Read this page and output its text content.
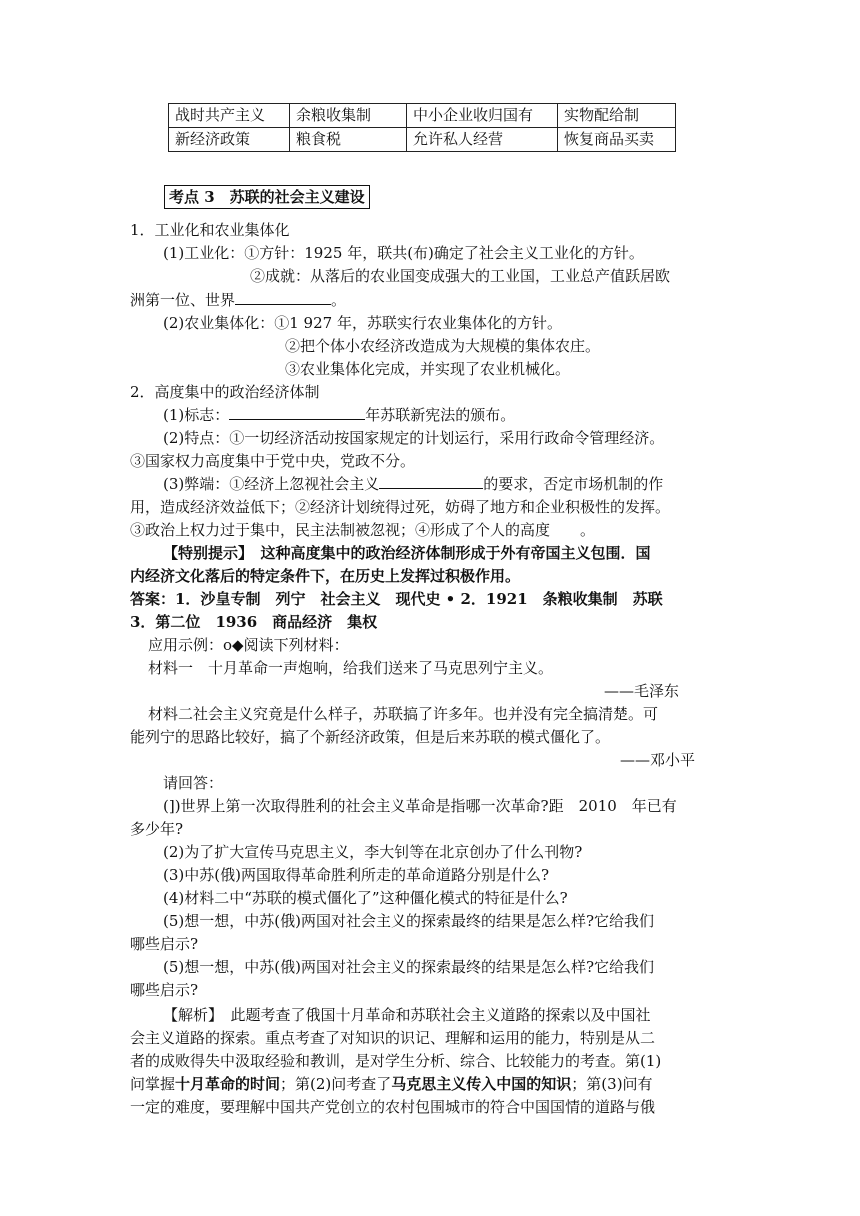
战时共产主义	余粮收集制	中小企业收归国有	实物配给制
新经济政策	粮食税	允许私人经营	恢复商品买卖
考点 3　苏联的社会主义建设
1．工业化和农业集体化
(1)工业化：①方针：1925 年，联共(布)确定了社会主义工业化的方针。
②成就：从落后的农业国变成强大的工业国，工业总产值跃居欧
洲第一位、世界	。
(2)农业集体化：①1 927 年，苏联实行农业集体化的方针。
②把个体小农经济改造成为大规模的集体农庄。
③农业集体化完成，并实现了农业机械化。
2．高度集中的政治经济体制
(1)标志：	年苏联新宪法的颁布。
(2)特点：①一切经济活动按国家规定的计划运行，采用行政命令管理经济。
③国家权力高度集中于党中央，党政不分。
(3)弊端：①经济上忽视社会主义	的要求，否定市场机制的作
用，造成经济效益低下；②经济计划统得过死，妨碍了地方和企业积极性的发挥。
③政治上权力过于集中，民主法制被忽视；④形成了个人的高度　　。
【特别提示】　这种高度集中的政治经济体制形成于外有帝国主义包围．国
内经济文化落后的特定条件下，在历史上发挥过积极作用。
答案：1．沙皇专制　列宁　社会主义　现代史 • 2．1921　条粮收集制　苏联
3．第二位　1936　商品经济　集权
应用示例：o◆阅读下列材料：
材料一　十月革命一声炮响，给我们送来了马克思列宁主义。
——毛泽东
材料二社会主义究竟是什么样子，苏联搞了许多年。也并没有完全搞清楚。可
能列宁的思路比较好，搞了个新经济政策，但是后来苏联的模式僵化了。
——邓小平
请回答：
(])世界上第一次取得胜利的社会主义革命是指哪一次革命?距　2010　年已有
多少年?
(2)为了扩大宣传马克思主义，李大钊等在北京创办了什么刊物?
(3)中苏(俄)两国取得革命胜利所走的革命道路分别是什么?
(4)材料二中“苏联的模式僵化了”这种僵化模式的特征是什么?
(5)想一想，中苏(俄)两国对社会主义的探索最终的结果是怎么样?它给我们
哪些启示?
(5)想一想，中苏(俄)两国对社会主义的探索最终的结果是怎么样?它给我们
哪些启示?
【解析】　此题考查了俄国十月革命和苏联社会主义道路的探索以及中国社
会主义道路的探索。重点考查了对知识的识记、理解和运用的能力，特别是从二
者的成败得失中汲取经验和教训，是对学生分析、综合、比较能力的考查。第(1)
问掌握十月革命的时间；第(2)问考查了马克思主义传入中国的知识；第(3)问有
一定的难度，要理解中国共产党创立的农村包围城市的符合中国国情的道路与俄
